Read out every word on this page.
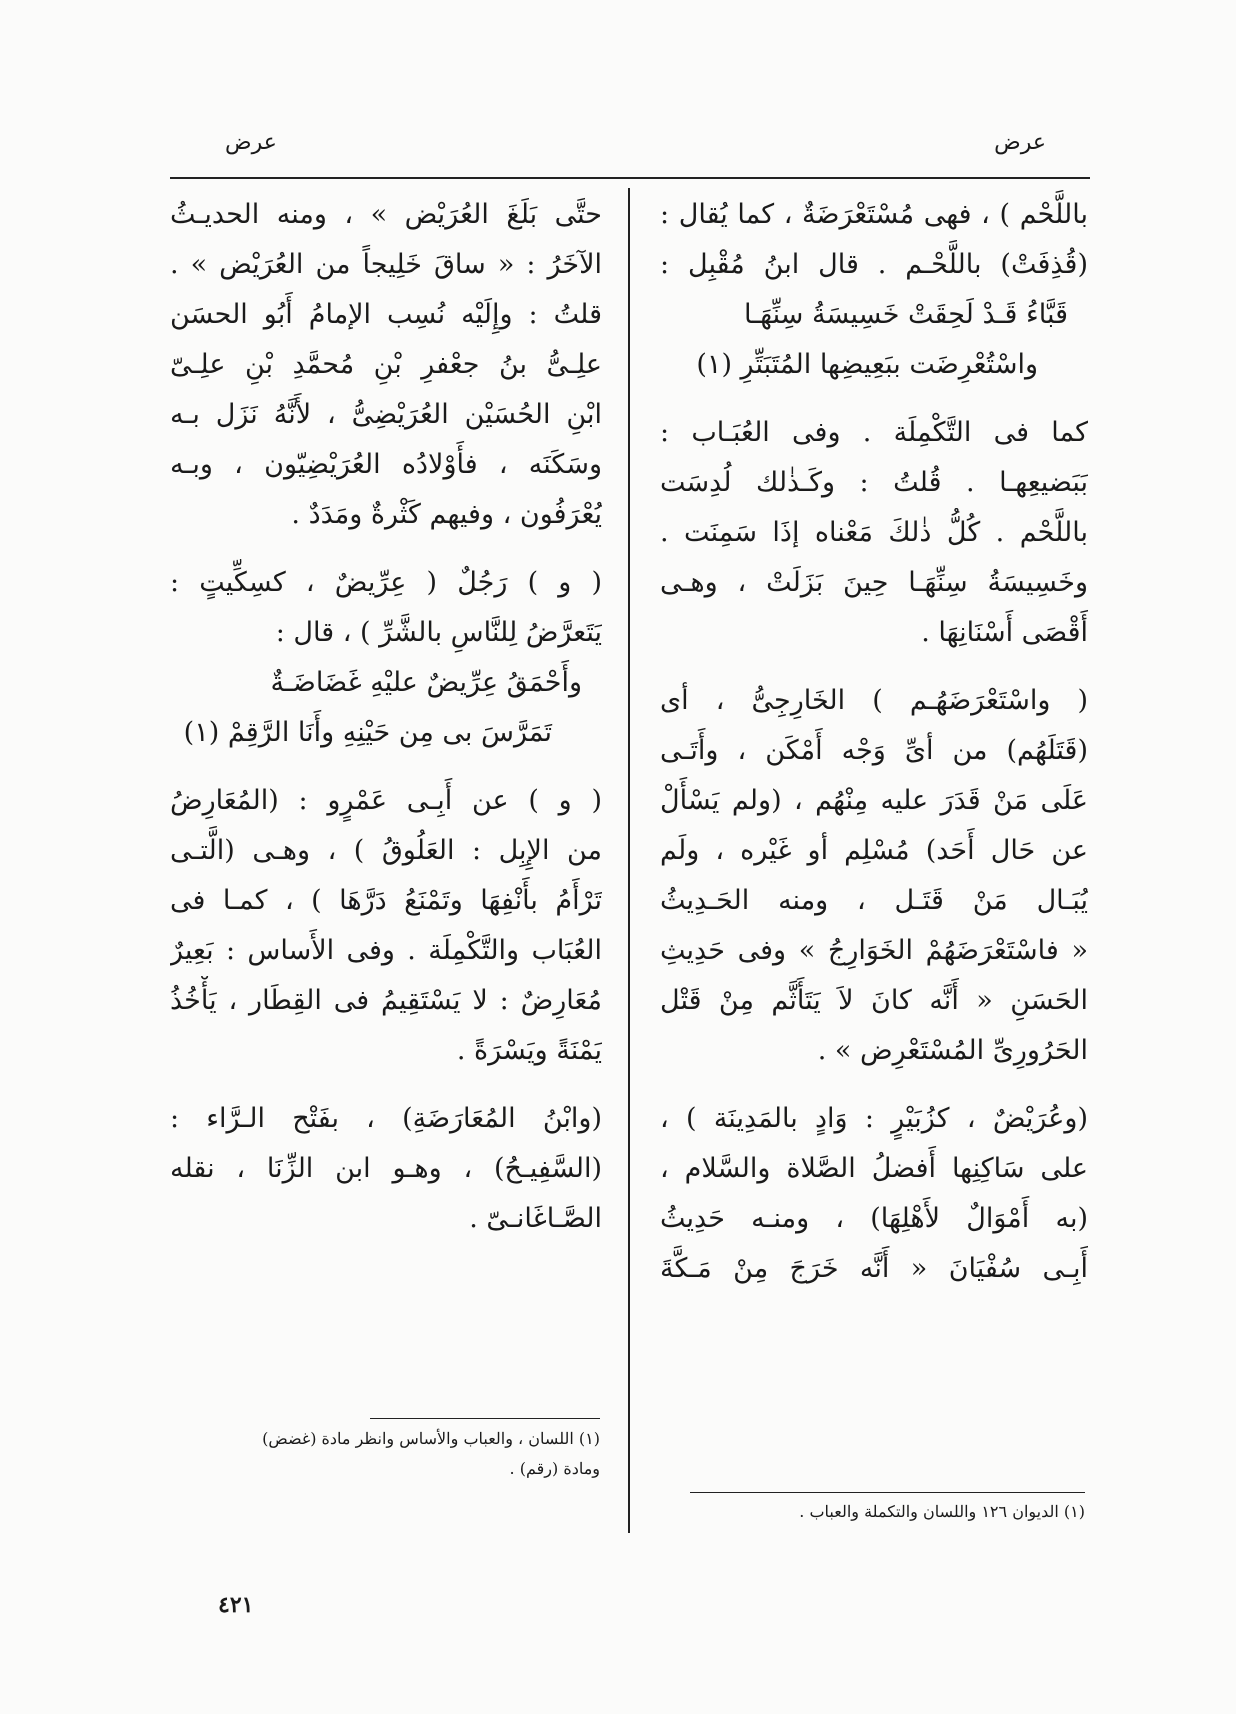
عرض
عرض
باللَّحْم ) ، فهى مُسْتَعْرَضَةٌ ، كما يُقال :
(قُذِفَتْ) باللَّحْـم . قال ابنُ مُقْبِل :
قَبَّاءُ قَـدْ لَحِقَتْ خَسِيسَةُ سِنِّهَـا
واسْتُعْرِضَت ببَعِيضِها المُتَبَتِّرِ (١)
كما فى التَّكْمِلَة . وفى العُبَـاب :
بَبَضيعِهـا . قُلتُ : وكَـذٰلك لُدِسَت
باللَّحْم . كُلُّ ذٰلكَ مَعْناه إذَا سَمِنَت .
وخَسِيسَةُ سِنِّهَـا حِينَ بَزَلَتْ ، وهـى
أَقْصَى أَسْنَانِهَا .
( واسْتَعْرَضَهُـم ) الخَارِجِىُّ ، أى
(قَتَلَهُم) من أىِّ وَجْه أَمْكَن ، وأَتَـى
عَلَى مَنْ قَدَرَ عليه مِنْهُم ، (ولم يَسْأَلْ
عن حَال أَحَد) مُسْلِم أو غَيْره ، ولَم
يُبَـال مَنْ قَتَـل ، ومنه الحَـدِيثُ
« فاسْتَعْرَضَهُمْ الخَوَارِجُ » وفى حَدِيثِ
الحَسَنِ « أَنَّه كانَ لاَ يَتَأَثَّم مِنْ قَتْل
الحَرُورِىِّ المُسْتَعْرِض » .
(وعُرَيْضٌ ، كزُبَيْرٍ : وَادٍ بالمَدِينَة ) ،
على سَاكِنِها أَفضلُ الصَّلاة والسَّلام ،
(به أَمْوَالٌ لأَهْلِهَا) ، ومنـه حَدِيثُ
أَبِـى سُفْيَانَ « أَنَّه خَرَجَ مِنْ مَـكَّةَ
حتَّى بَلَغَ العُرَيْض » ، ومنه الحديـثُ
الآخَرُ : « ساقَ خَلِيجاً من العُرَيْض » .
قلتُ : وإِلَيْه نُسِب الإمامُ أَبُو الحسَن
علِـىُّ بنُ جعْفرِ بْنِ مُحمَّدِ بْنِ علِـىّ
ابْنِ الحُسَيْن العُرَيْضِىُّ ، لأَنَّهُ نَزَل بـه
وسَكَنَه ، فأَوْلادُه العُرَيْضِيّون ، وبـه
يُعْرَفُون ، وفيهم كَثْرةٌ ومَدَدٌ .
( و ) رَجُلٌ ( عِرِّيضٌ ، كسِكِّيتٍ :
يَتَعرَّضُ لِلنَّاسِ بالشَّرِّ ) ، قال :
وأَحْمَقُ عِرِّيضٌ عليْهِ غَضَاضَـةٌ
تَمَرَّسَ بى مِن حَيْنِهِ وأَنَا الرَّقِمْ (١)
( و ) عن أَبِـى عَمْرٍو : (المُعَارِضُ
من الإِبِل : العَلُوقُ ) ، وهـى (الَّتـى
تَرْأَمُ بأَنْفِهَا وتَمْنَعُ دَرَّهَا ) ، كمـا فى
العُبَاب والتَّكْمِلَة . وفى الأَساس : بَعِيرٌ
مُعَارِضٌ : لا يَسْتَقِيمُ فى القِطَار ، يَأْخُذُ
يَمْنَةً ويَسْرَةً .
(وابْنُ المُعَارَضَةِ) ، بفَتْح الـرَّاء :
(السَّفِيـحُ) ، وهـو ابن الزِّنَا ، نقله
الصَّـاغَانـىّ .
(١) الديوان ١٢٦ واللسان والتكملة والعباب .
(١) اللسان ، والعباب والأساس وانظر مادة (غضض)
ومادة (رقم) .
٤٢١
